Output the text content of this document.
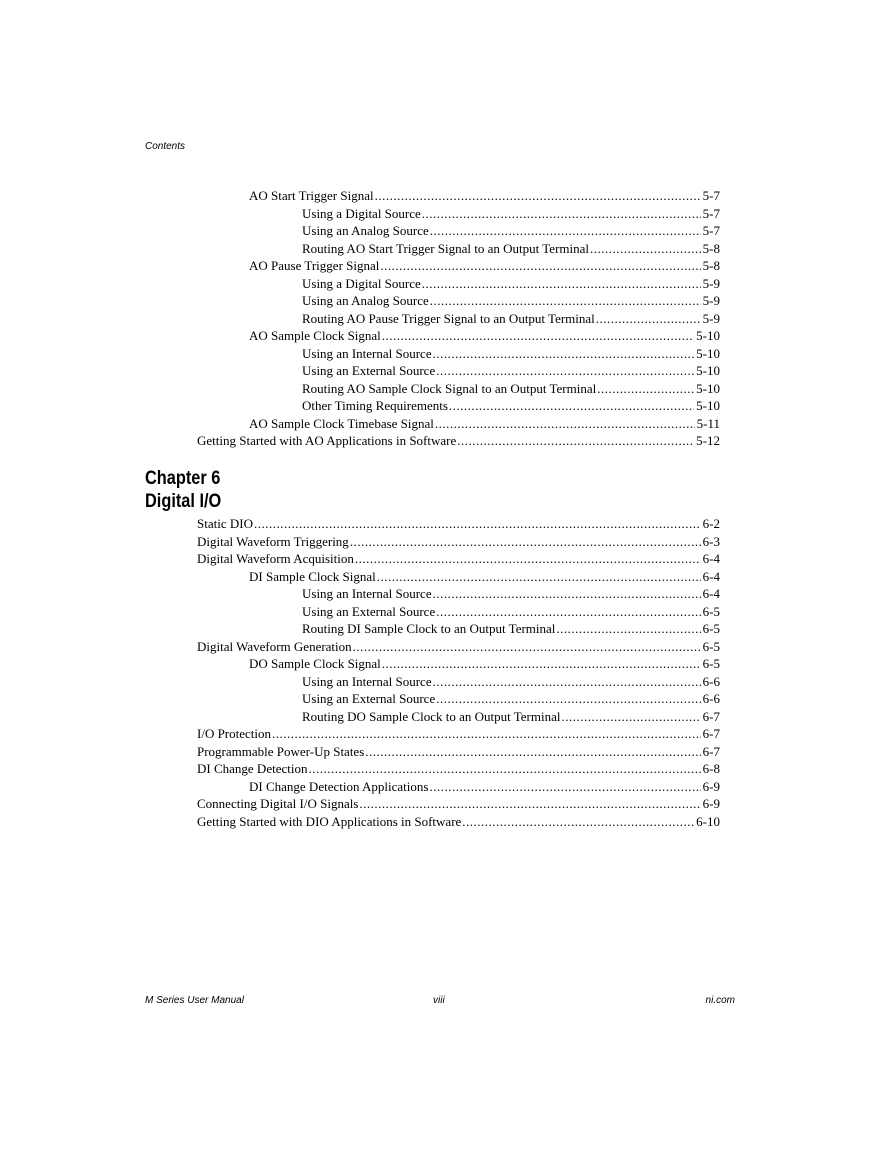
Contents
AO Start Trigger Signal .....	5-7
Using a Digital Source .....	5-7
Using an Analog Source .....	5-7
Routing AO Start Trigger Signal to an Output Terminal .....	5-8
AO Pause Trigger Signal .....	5-8
Using a Digital Source .....	5-9
Using an Analog Source .....	5-9
Routing AO Pause Trigger Signal to an Output Terminal .....	5-9
AO Sample Clock Signal .....	5-10
Using an Internal Source .....	5-10
Using an External Source .....	5-10
Routing AO Sample Clock Signal to an Output Terminal .....	5-10
Other Timing Requirements .....	5-10
AO Sample Clock Timebase Signal .....	5-11
Getting Started with AO Applications in Software .....	5-12
Chapter 6
Digital I/O
Static DIO .....	6-2
Digital Waveform Triggering .....	6-3
Digital Waveform Acquisition .....	6-4
DI Sample Clock Signal .....	6-4
Using an Internal Source .....	6-4
Using an External Source .....	6-5
Routing DI Sample Clock to an Output Terminal .....	6-5
Digital Waveform Generation .....	6-5
DO Sample Clock Signal .....	6-5
Using an Internal Source .....	6-6
Using an External Source .....	6-6
Routing DO Sample Clock to an Output Terminal .....	6-7
I/O Protection .....	6-7
Programmable Power-Up States .....	6-7
DI Change Detection .....	6-8
DI Change Detection Applications .....	6-9
Connecting Digital I/O Signals .....	6-9
Getting Started with DIO Applications in Software .....	6-10
M Series User Manual	viii	ni.com
